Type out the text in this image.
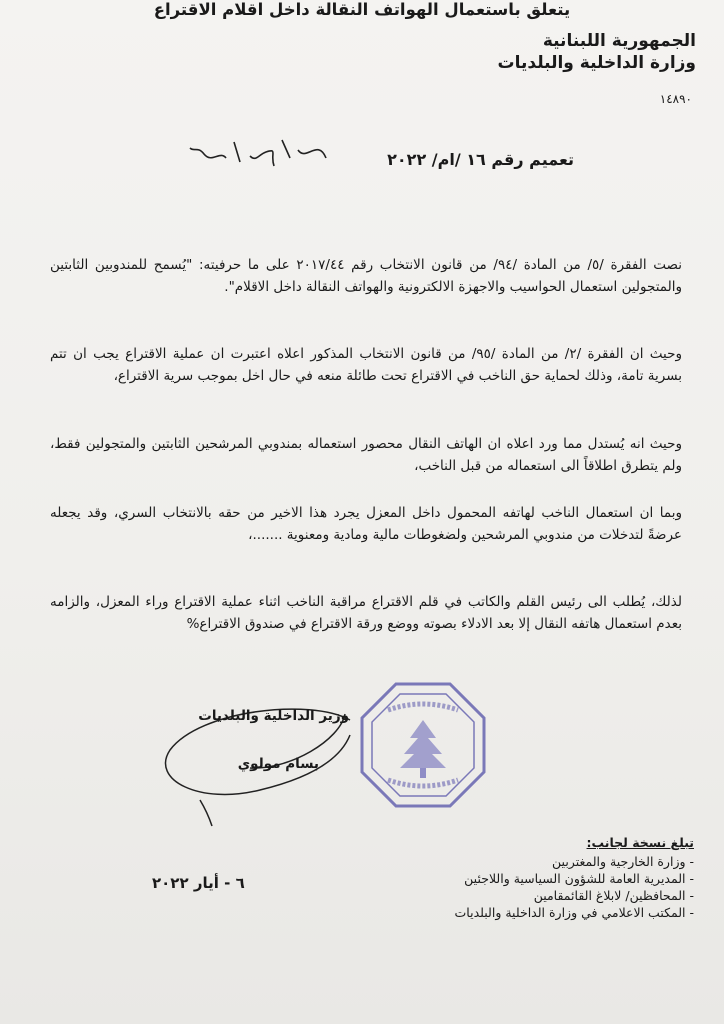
الجمهورية اللبنانية
وزارة الداخلية والبلديات
١٤٨٩٠
تعميم رقم ١٦ /ام/ ٢٠٢٢
يتعلق باستعمال الهواتف النقالة داخل اقلام الاقتراع
نصت الفقرة /٥/ من المادة /٩٤/ من قانون الانتخاب رقم ٢٠١٧/٤٤ على ما حرفيته: "يُسمح للمندوبين الثابتين والمتجولين استعمال الحواسيب والاجهزة الالكترونية والهواتف النقالة داخل الاقلام".
وحيث ان الفقرة /٢/ من المادة /٩٥/ من قانون الانتخاب المذكور اعلاه اعتبرت ان عملية الاقتراع يجب ان تتم بسرية تامة، وذلك لحماية حق الناخب في الاقتراع تحت طائلة منعه في حال اخل بموجب سرية الاقتراع،
وحيث انه يُستدل مما ورد اعلاه ان الهاتف النقال محصور استعماله بمندوبي المرشحين الثابتين والمتجولين فقط، ولم يتطرق اطلاقاً الى استعماله من قبل الناخب،
وبما ان استعمال الناخب لهاتفه المحمول داخل المعزل يجرد هذا الاخير من حقه بالانتخاب السري، وقد يجعله عرضةً لتدخلات من مندوبي المرشحين ولضغوطات مالية ومادية ومعنوية .......،
لذلك، يُطلب الى رئيس القلم والكاتب في قلم الاقتراع مراقبة الناخب اثناء عملية الاقتراع وراء المعزل، والزامه بعدم استعمال هاتفه النقال إلا بعد الادلاء بصوته ووضع ورقة الاقتراع في صندوق الاقتراع%
وزير الداخلية والبلديات
بسام مولوي
٦ - أيار ٢٠٢٢
تبلغ نسخة لجانب:
- وزارة الخارجية والمغتربين
- المديرية العامة للشؤون السياسية واللاجئين
- المحافظين/ لابلاغ القائمقامين
- المكتب الاعلامي في وزارة الداخلية والبلديات
